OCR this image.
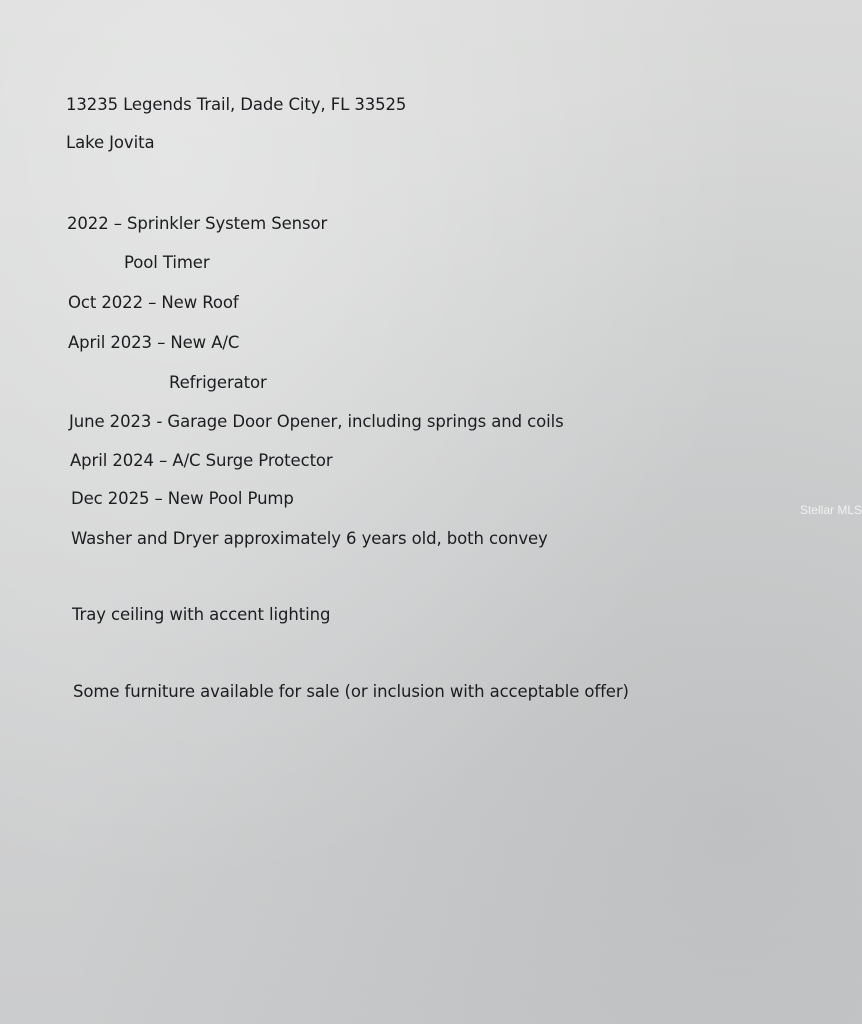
13235 Legends Trail, Dade City, FL 33525

Lake Jovita

2022 – Sprinkler System Sensor

Pool Timer

Oct 2022 – New Roof

April 2023 – New A/C

Refrigerator

June 2023 - Garage Door Opener, including springs and coils

April 2024 – A/C Surge Protector

Dec 2025 – New Pool Pump

Washer and Dryer approximately 6 years old, both convey

Tray ceiling with accent lighting

Some furniture available for sale (or inclusion with acceptable offer)

Stellar MLS
